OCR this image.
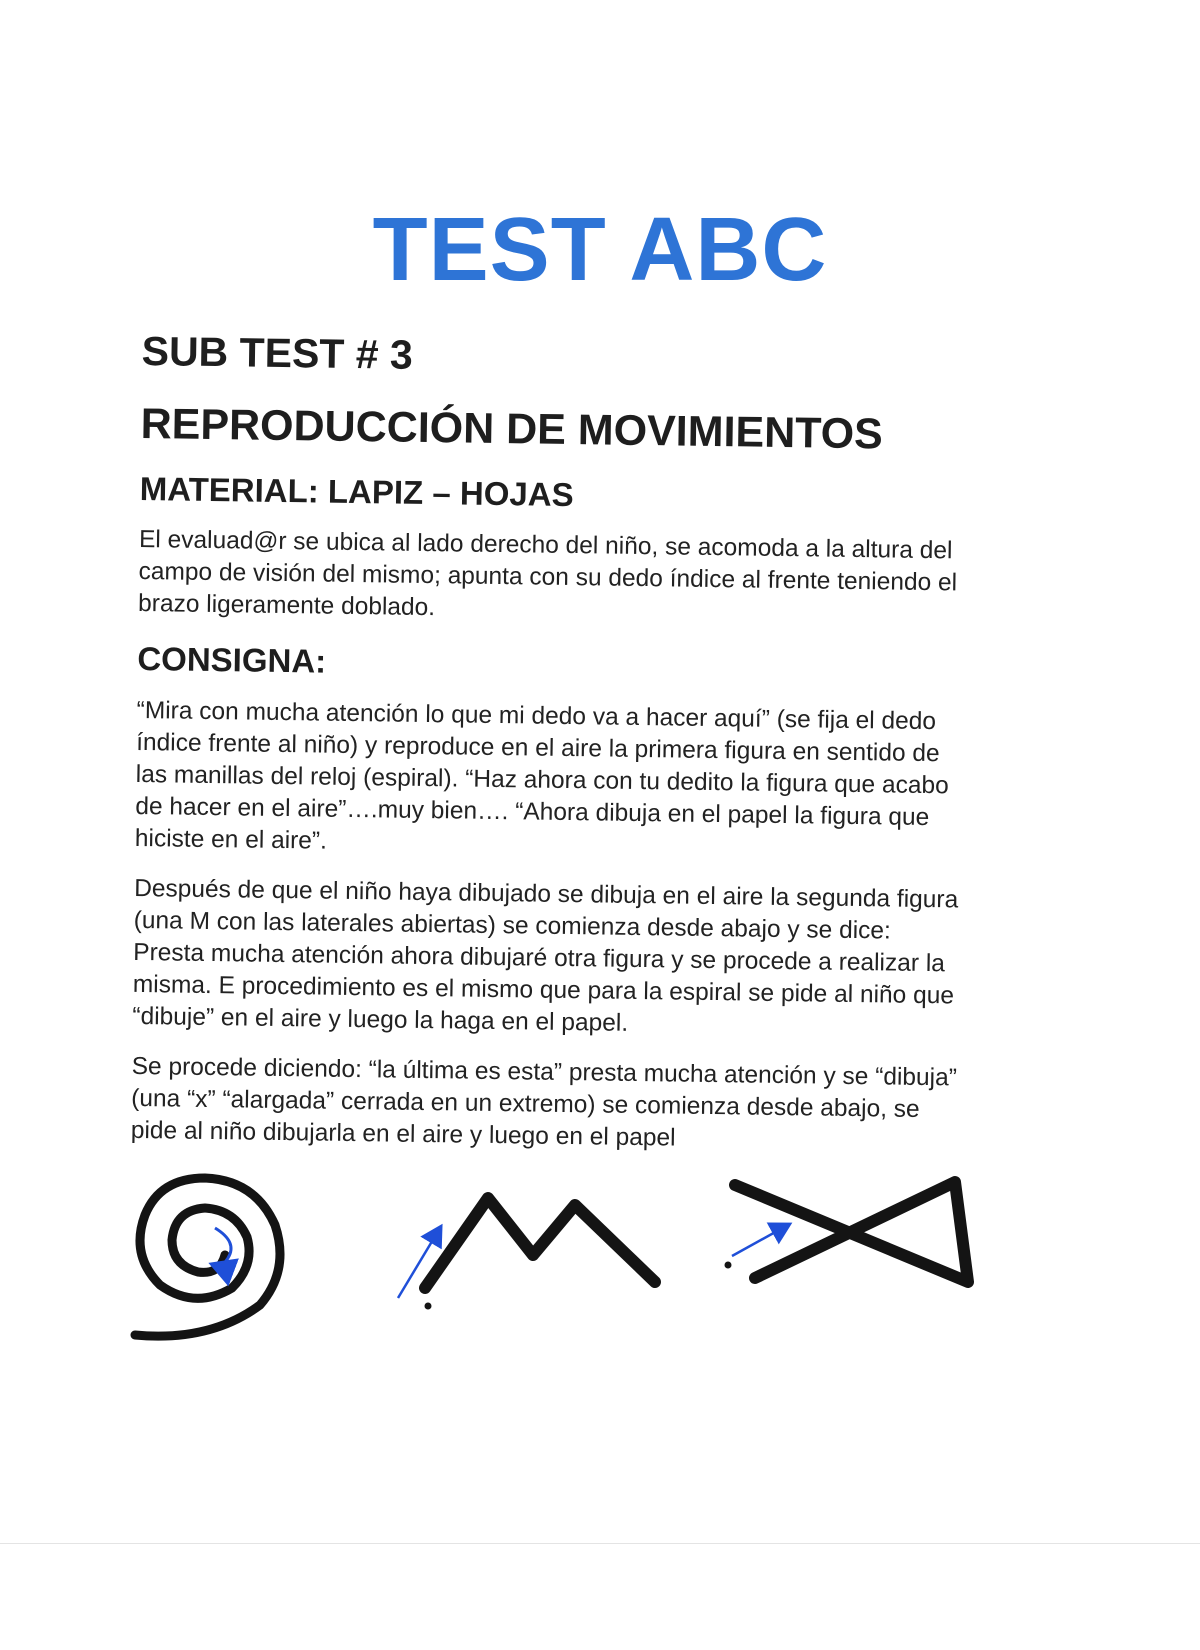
TEST ABC
SUB TEST # 3
REPRODUCCIÓN DE MOVIMIENTOS
MATERIAL: LAPIZ – HOJAS

El evaluad@r se ubica al lado derecho del niño, se acomoda a la altura del campo de visión del mismo; apunta con su dedo índice al frente teniendo el brazo ligeramente doblado.

CONSIGNA:

“Mira con mucha atención lo que mi dedo va a hacer aquí” (se fija el dedo índice frente al niño) y reproduce en el aire la primera figura en sentido de las manillas del reloj (espiral). “Haz ahora con tu dedito la figura que acabo de hacer en el aire”….muy bien…. “Ahora dibuja en el papel la figura que hiciste en el aire”.

Después de que el niño haya dibujado se dibuja en el aire la segunda figura (una M con las laterales abiertas) se comienza desde abajo y se dice: Presta mucha atención ahora dibujaré otra figura y se procede a realizar la misma. E procedimiento es el mismo que para la espiral se pide al niño que “dibuje” en el aire y luego la haga en el papel.

Se procede diciendo: “la última es esta” presta mucha atención y se “dibuja” (una “x” “alargada” cerrada en un extremo) se comienza desde abajo, se pide al niño dibujarla en el aire y luego en el papel
